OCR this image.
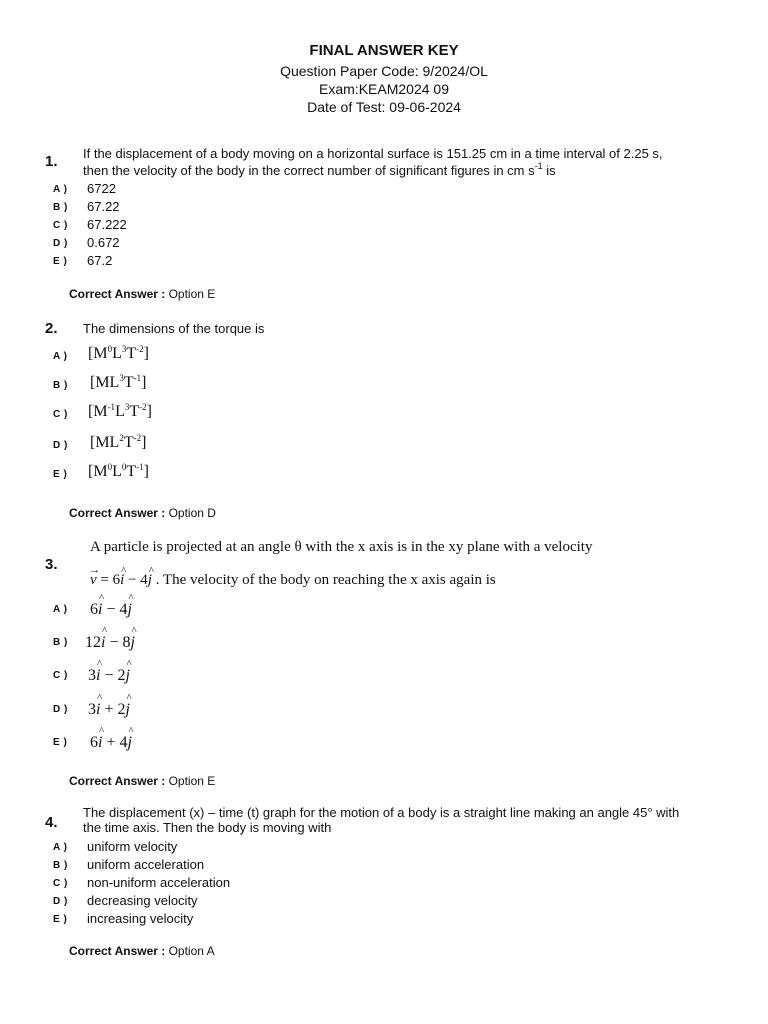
FINAL ANSWER KEY
Question Paper Code: 9/2024/OL
Exam:KEAM2024 09
Date of Test: 09-06-2024
1. If the displacement of a body moving on a horizontal surface is 151.25 cm in a time interval of 2.25 s,
then the velocity of the body in the correct number of significant figures in cm $s^{-1}$ is
A ) 6722
B ) 67.22
C ) 67.222
D ) 0.672
E ) 67.2
Correct Answer : Option E
2. The dimensions of the torque is
A ) $[M^0L^3T^{-2}]$
B ) $[ML^3T^{-1}]$
C ) $[M^{-1}L^3T^{-2}]$
D ) $[ML^2T^{-2}]$
E ) $[M^0L^0T^{-1}]$
Correct Answer : Option D
3.
A particle is projected at an angle θ with the x axis is in the xy plane with a velocity
v
→
= 6i
^
− 4j
^
. The velocity of the body on reaching the x axis again is
A ) 6i
^
− 4j
^
B ) 12i
^
− 8j
^
C ) 3i
^
− 2j
^
D ) 3i
^
+ 2j
^
E ) 6i
^
+ 4j
^
Correct Answer : Option E
4.
The displacement (x) – time (t) graph for the motion of a body is a straight line making an angle 45° with
the time axis. Then the body is moving with
A ) uniform velocity
B ) uniform acceleration
C ) non-uniform acceleration
D ) decreasing velocity
E ) increasing velocity
Correct Answer : Option A
